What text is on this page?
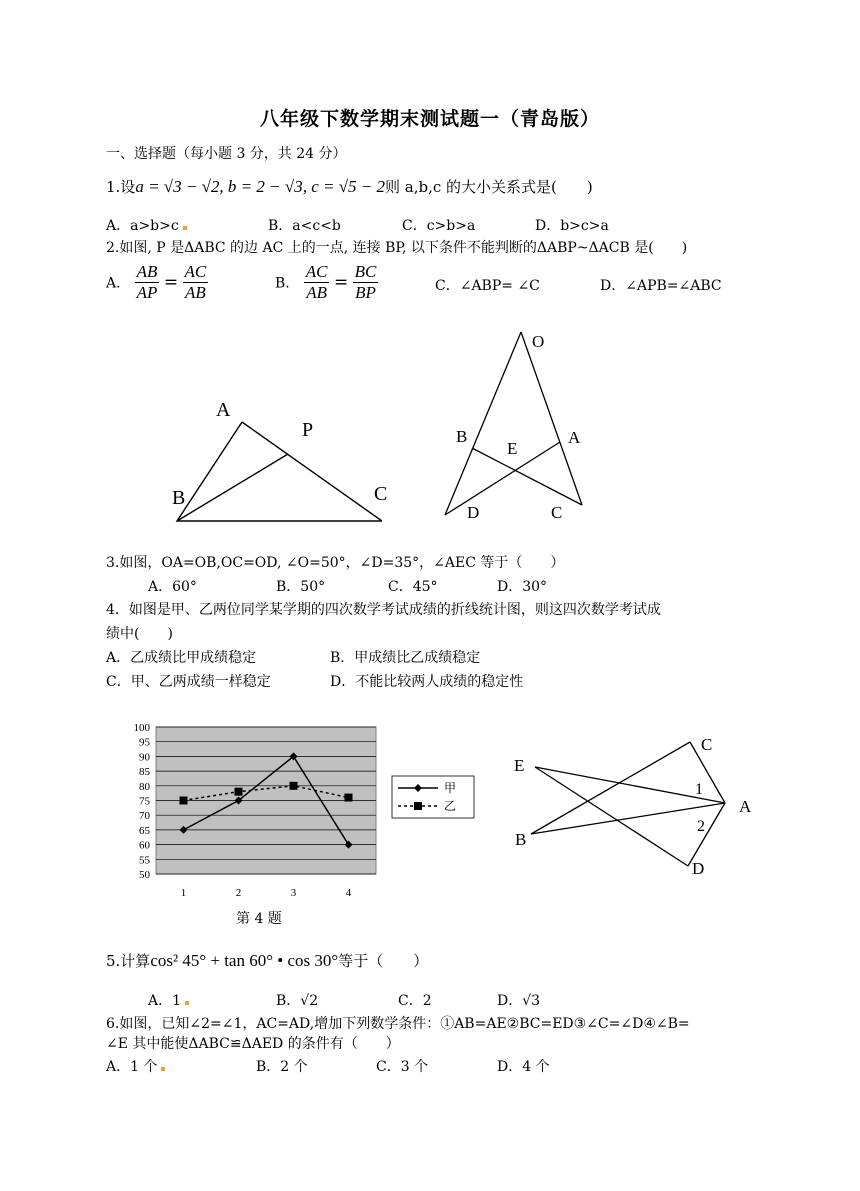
八年级下数学期末测试题一（青岛版）
一、选择题（每小题 3 分，共 24 分）
1.设a = √3 − √2, b = 2 − √3, c = √5 − 2则 a,b,c 的大小关系式是(　　)
A．a>b>c	B．a<c<b	C．c>b>a	D．b>c>a
2.如图, P 是ΔABC 的边 AC 上的一点, 连接 BP, 以下条件不能判断的ΔABP~ΔACB 是(　　)
A． $\frac{AB}{AP} = \frac{AC}{AB}$	B． $\frac{AC}{AB} = \frac{BC}{BP}$	C．∠ABP= ∠C	D．∠APB=∠ABC
A
P
B	C
O
B	A
E
D	C
3.如图，OA=OB,OC=OD, ∠O=50°，∠D=35°，∠AEC 等于（　　）
A．60°	B．50°	C．45°	D．30°
4．如图是甲、乙两位同学某学期的四次数学考试成绩的折线统计图，则这四次数学考试成
绩中(　　)
A．乙成绩比甲成绩稳定	B．甲成绩比乙成绩稳定
C．甲、乙两成绩一样稳定	D．不能比较两人成绩的稳定性
50
55
60
65
70
75
80
85
90
95
100
1	2	3	4
甲
乙
第 4 题
E
C
B
A
D
1
2
5.计算cos² 45° + tan 60° • cos 30°等于（　　）
A．1	B．√2	C．2	D．√3
6.如图，已知∠2=∠1，AC=AD,增加下列数学条件：①AB=AE②BC=ED③∠C=∠D④∠B=
∠E 其中能使ΔABC≌ΔAED 的条件有（　　）
A．1 个	B．2 个	C．3 个	D．4 个
